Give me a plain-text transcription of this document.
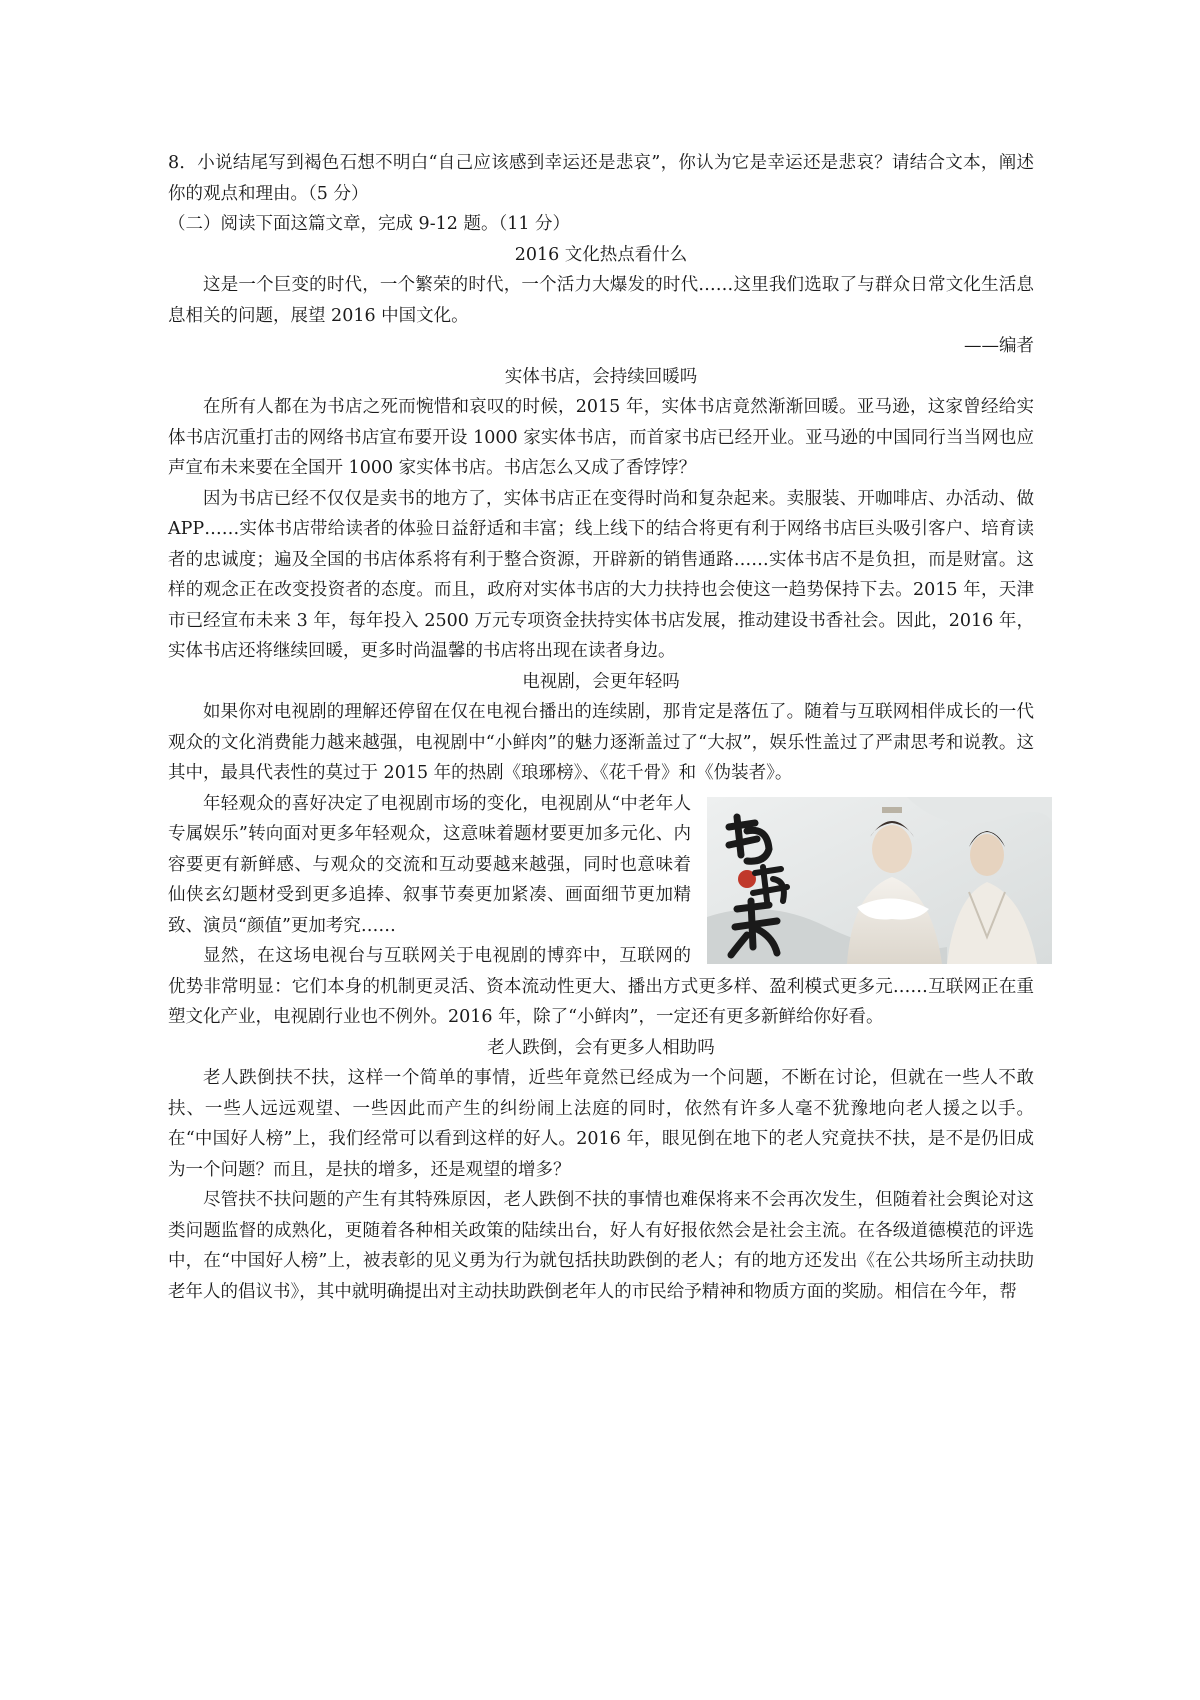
8．小说结尾写到褐色石想不明白“自己应该感到幸运还是悲哀”，你认为它是幸运还是悲哀？请结合文本，阐述你的观点和理由。（5 分）

（二）阅读下面这篇文章，完成 9-12 题。（11 分）

2016 文化热点看什么

这是一个巨变的时代，一个繁荣的时代，一个活力大爆发的时代……这里我们选取了与群众日常文化生活息息相关的问题，展望 2016 中国文化。

——编者

实体书店，会持续回暖吗

在所有人都在为书店之死而惋惜和哀叹的时候，2015 年，实体书店竟然渐渐回暖。亚马逊，这家曾经给实体书店沉重打击的网络书店宣布要开设 1000 家实体书店，而首家书店已经开业。亚马逊的中国同行当当网也应声宣布未来要在全国开 1000 家实体书店。书店怎么又成了香饽饽？

因为书店已经不仅仅是卖书的地方了，实体书店正在变得时尚和复杂起来。卖服装、开咖啡店、办活动、做 APP……实体书店带给读者的体验日益舒适和丰富；线上线下的结合将更有利于网络书店巨头吸引客户、培育读者的忠诚度；遍及全国的书店体系将有利于整合资源，开辟新的销售通路……实体书店不是负担，而是财富。这样的观念正在改变投资者的态度。而且，政府对实体书店的大力扶持也会使这一趋势保持下去。2015 年，天津市已经宣布未来 3 年，每年投入 2500 万元专项资金扶持实体书店发展，推动建设书香社会。因此，2016 年，实体书店还将继续回暖，更多时尚温馨的书店将出现在读者身边。

电视剧，会更年轻吗

如果你对电视剧的理解还停留在仅在电视台播出的连续剧，那肯定是落伍了。随着与互联网相伴成长的一代观众的文化消费能力越来越强，电视剧中“小鲜肉”的魅力逐渐盖过了“大叔”，娱乐性盖过了严肃思考和说教。这其中，最具代表性的莫过于 2015 年的热剧《琅琊榜》、《花千骨》和《伪装者》。

年轻观众的喜好决定了电视剧市场的变化，电视剧从“中老年人专属娱乐”转向面对更多年轻观众，这意味着题材要更加多元化、内容要更有新鲜感、与观众的交流和互动要越来越强，同时也意味着仙侠玄幻题材受到更多追捧、叙事节奏更加紧凑、画面细节更加精致、演员“颜值”更加考究……

显然，在这场电视台与互联网关于电视剧的博弈中，互联网的优势非常明显：它们本身的机制更灵活、资本流动性更大、播出方式更多样、盈利模式更多元……互联网正在重塑文化产业，电视剧行业也不例外。2016 年，除了“小鲜肉”，一定还有更多新鲜给你好看。

老人跌倒，会有更多人相助吗

老人跌倒扶不扶，这样一个简单的事情，近些年竟然已经成为一个问题，不断在讨论，但就在一些人不敢扶、一些人远远观望、一些因此而产生的纠纷闹上法庭的同时，依然有许多人毫不犹豫地向老人援之以手。在“中国好人榜”上，我们经常可以看到这样的好人。2016 年，眼见倒在地下的老人究竟扶不扶，是不是仍旧成为一个问题？而且，是扶的增多，还是观望的增多？

尽管扶不扶问题的产生有其特殊原因，老人跌倒不扶的事情也难保将来不会再次发生，但随着社会舆论对这类问题监督的成熟化，更随着各种相关政策的陆续出台，好人有好报依然会是社会主流。在各级道德模范的评选中，在“中国好人榜”上，被表彰的见义勇为行为就包括扶助跌倒的老人；有的地方还发出《在公共场所主动扶助老年人的倡议书》，其中就明确提出对主动扶助跌倒老年人的市民给予精神和物质方面的奖励。相信在今年，帮
